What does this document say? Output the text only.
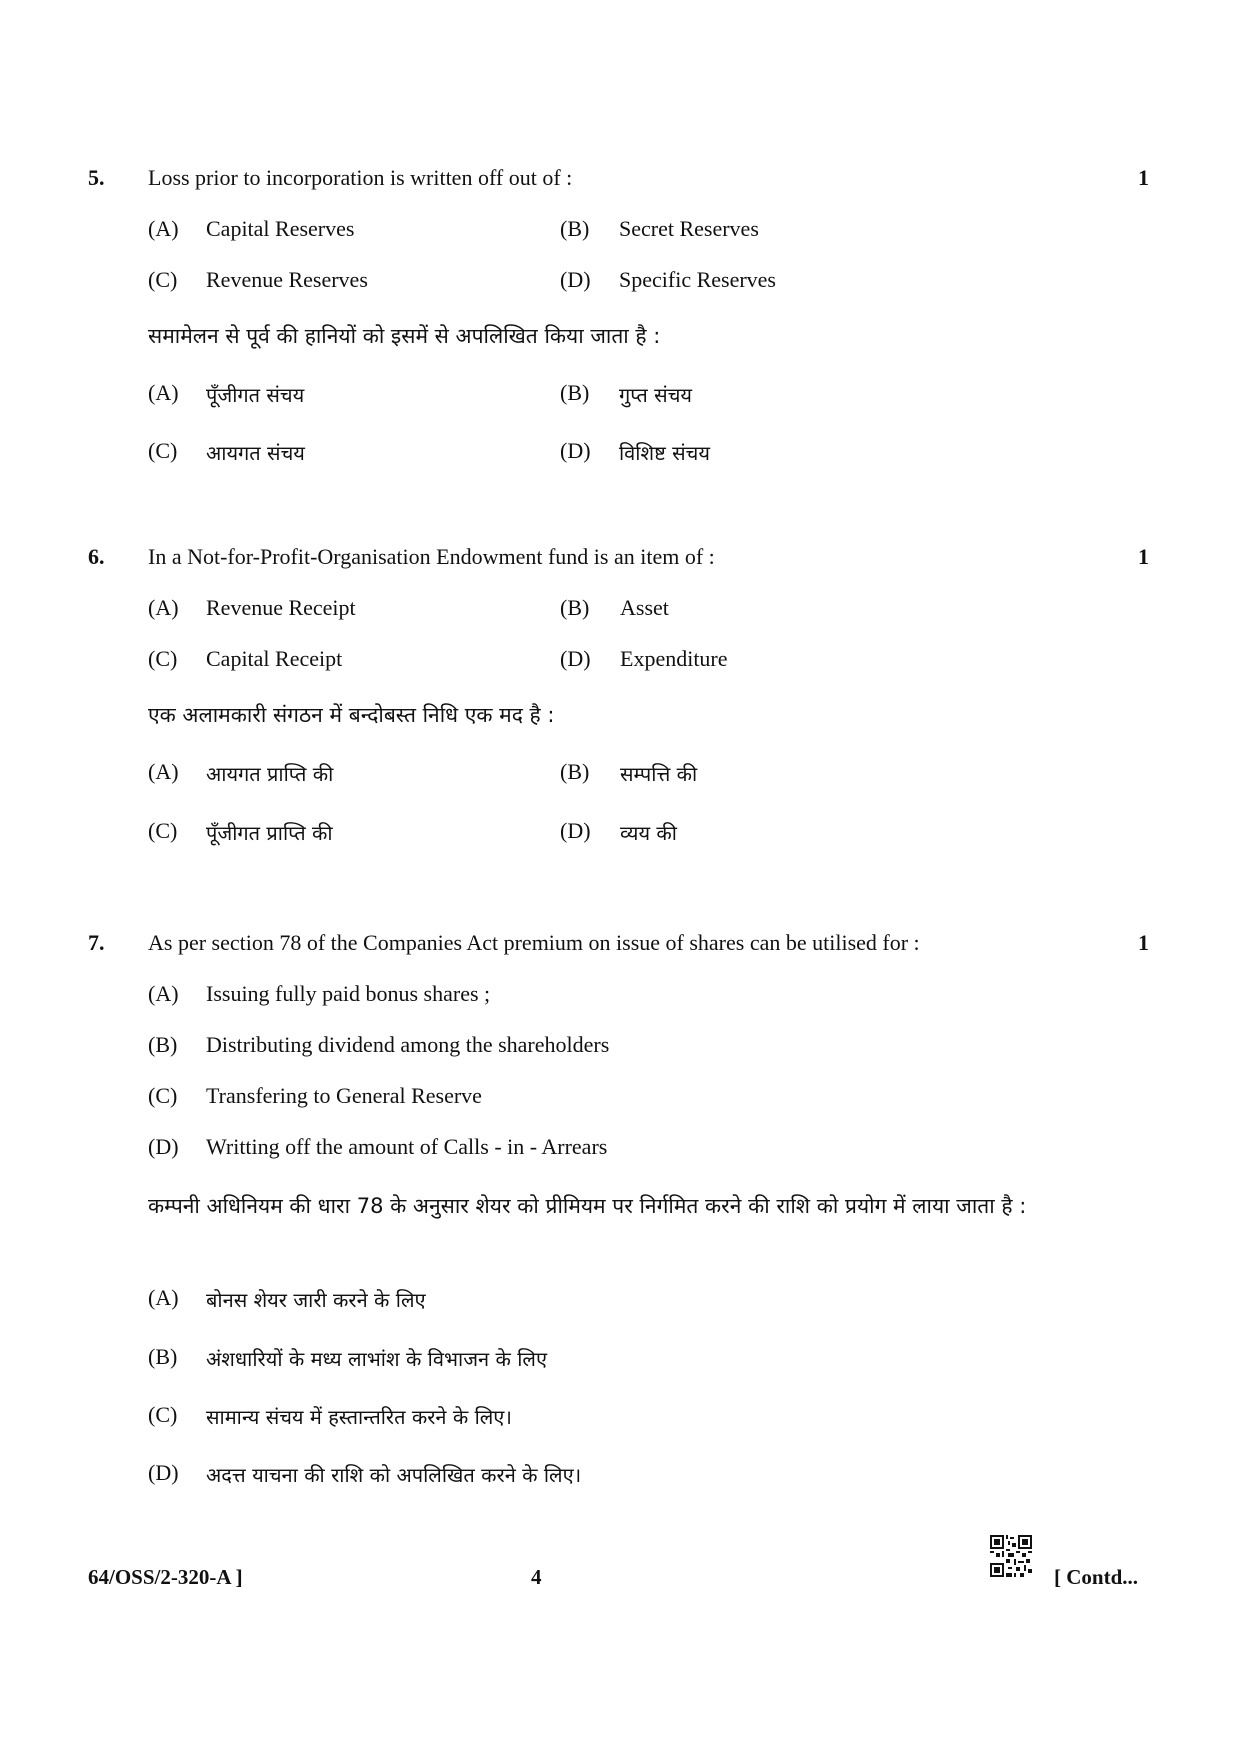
5. Loss prior to incorporation is written off out of :	1
(A) Capital Reserves	(B) Secret Reserves
(C) Revenue Reserves	(D) Specific Reserves
समामेलन से पूर्व की हानियों को इसमें से अपलिखित किया जाता है :
(A) पूँजीगत संचय	(B) गुप्त संचय
(C) आयगत संचय	(D) विशिष्ट संचय
6. In a Not-for-Profit-Organisation Endowment fund is an item of :	1
(A) Revenue Receipt	(B) Asset
(C) Capital Receipt	(D) Expenditure
एक अलामकारी संगठन में बन्दोबस्त निधि एक मद है :
(A) आयगत प्राप्ति की	(B) सम्पत्ति की
(C) पूँजीगत प्राप्ति की	(D) व्यय की
7. As per section 78 of the Companies Act premium on issue of shares can be utilised for :	1
(A) Issuing fully paid bonus shares ;
(B) Distributing dividend among the shareholders
(C) Transfering to General Reserve
(D) Writting off the amount of Calls - in - Arrears
कम्पनी अधिनियम की धारा 78 के अनुसार शेयर को प्रीमियम पर निर्गमित करने की राशि को प्रयोग में लाया जाता है :
(A) बोनस शेयर जारी करने के लिए
(B) अंशधारियों के मध्य लाभांश के विभाजन के लिए
(C) सामान्य संचय में हस्तान्तरित करने के लिए।
(D) अदत्त याचना की राशि को अपलिखित करने के लिए।
64/OSS/2-320-A ]	4	[ Contd...
